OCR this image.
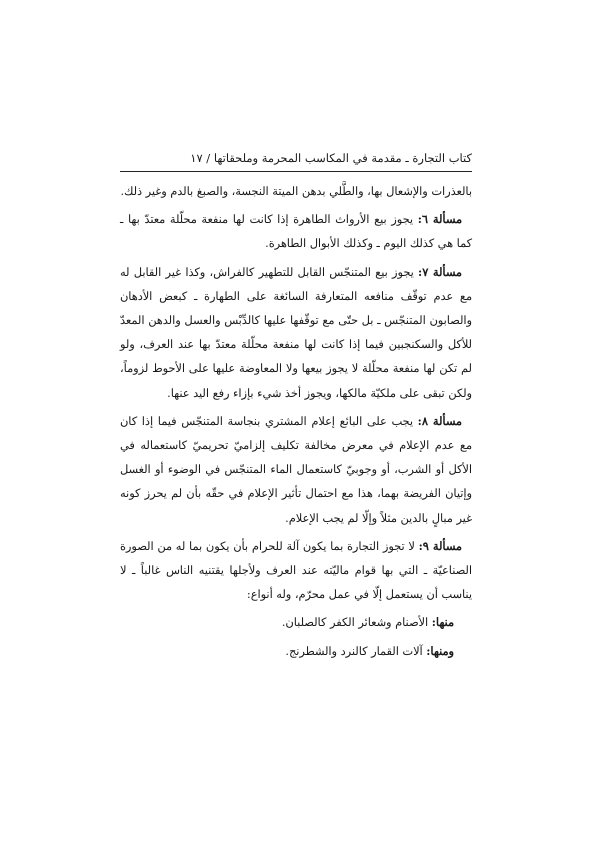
كتاب التجارة ـ مقدمة في المكاسب المحرمة وملحقاتها / ١٧

بالعذرات والإشعال بها، والطَّلي بدهن الميتة النجسة، والصبغ بالدم وغير ذلك.

مسألة ٦: يجوز بيع الأرواث الطاهرة إذا كانت لها منفعة محلّلة معتدّ بها ـ كما هي كذلك اليوم ـ وكذلك الأبوال الطاهرة.

مسألة ٧: يجوز بيع المتنجّس القابل للتطهير كالفراش، وكذا غير القابل له مع عدم توقّف منافعه المتعارفة السائغة على الطهارة ـ كبعض الأدهان والصابون المتنجّس ـ بل حتّى مع توقّفها عليها كالدِّبْس والعسل والدهن المعدّ للأكل والسكنجبين فيما إذا كانت لها منفعة محلّلة معتدّ بها عند العرف، ولو لم تكن لها منفعة محلّلة لا يجوز بيعها ولا المعاوضة عليها على الأحوط لزوماً، ولكن تبقى على ملكيّة مالكها، ويجوز أخذ شيء بإزاء رفع اليد عنها.

مسألة ٨: يجب على البائع إعلام المشتري بنجاسة المتنجّس فيما إذا كان مع عدم الإعلام في معرض مخالفة تكليف إلزاميّ تحريميّ كاستعماله في الأكل أو الشرب، أو وجوبيّ كاستعمال الماء المتنجّس في الوضوء أو الغسل وإتيان الفريضة بهما، هذا مع احتمال تأثير الإعلام في حقّه بأن لم يحرز كونه غير مبالٍ بالدين مثلاً وإلّا لم يجب الإعلام.

مسألة ٩: لا تجوز التجارة بما يكون آلة للحرام بأن يكون بما له من الصورة الصناعيّة ـ التي بها قوام ماليّته عند العرف ولأجلها يقتنيه الناس غالباً ـ لا يناسب أن يستعمل إلّا في عمل محرّم، وله أنواع:

منها: الأصنام وشعائر الكفر كالصلبان.

ومنها: آلات القمار كالنرد والشطرنج.
